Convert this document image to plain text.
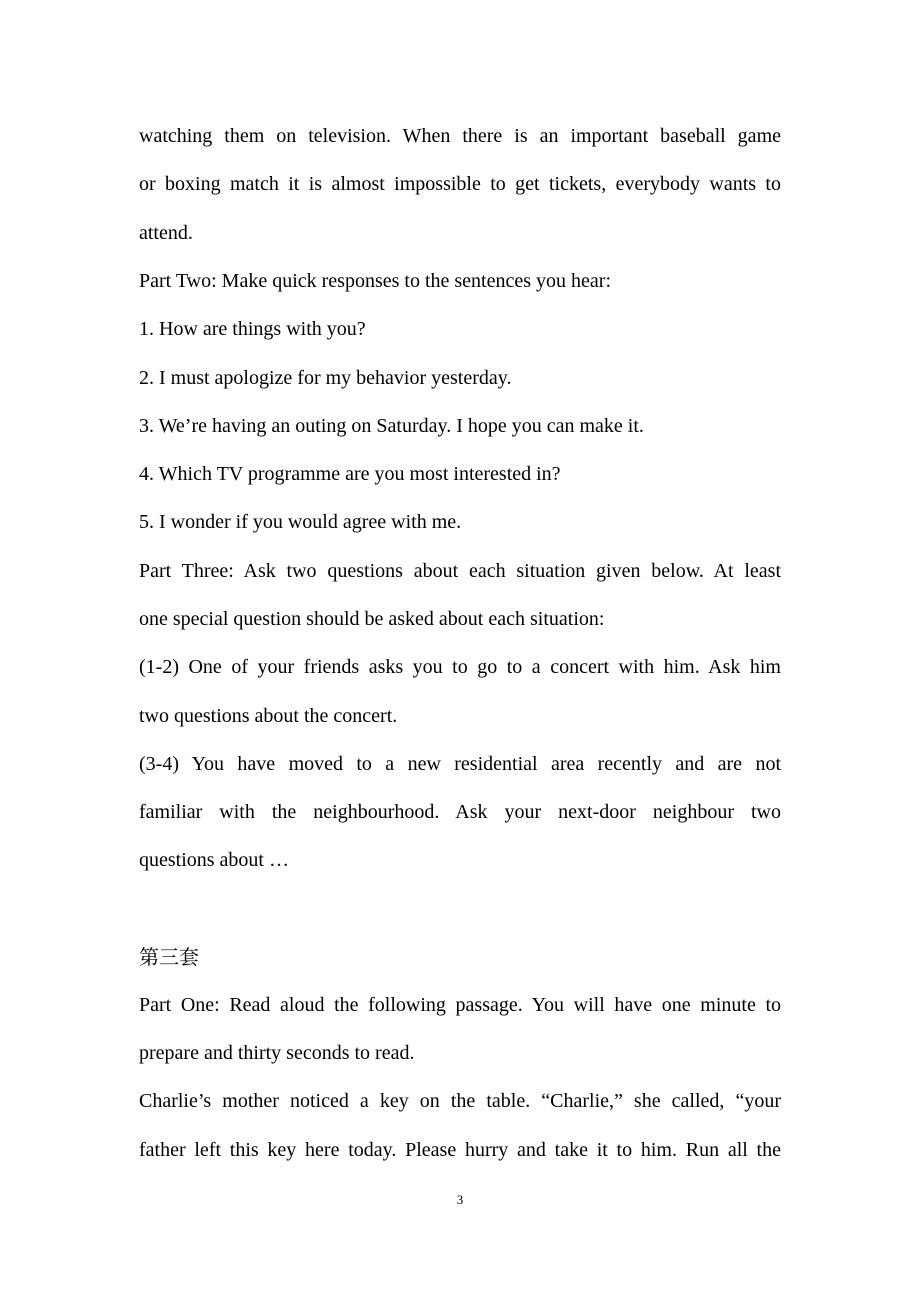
watching them on television. When there is an important baseball game
or boxing match it is almost impossible to get tickets, everybody wants to
attend.
Part Two: Make quick responses to the sentences you hear:
1. How are things with you?
2. I must apologize for my behavior yesterday.
3. We’re having an outing on Saturday. I hope you can make it.
4. Which TV programme are you most interested in?
5. I wonder if you would agree with me.
Part Three: Ask two questions about each situation given below. At least
one special question should be asked about each situation:
(1-2) One of your friends asks you to go to a concert with him. Ask him
two questions about the concert.
(3-4) You have moved to a new residential area recently and are not
familiar with the neighbourhood. Ask your next-door neighbour two
questions about …
第三套
Part One: Read aloud the following passage. You will have one minute to
prepare and thirty seconds to read.
Charlie’s mother noticed a key on the table. “Charlie,” she called, “your
father left this key here today. Please hurry and take it to him. Run all the
3
